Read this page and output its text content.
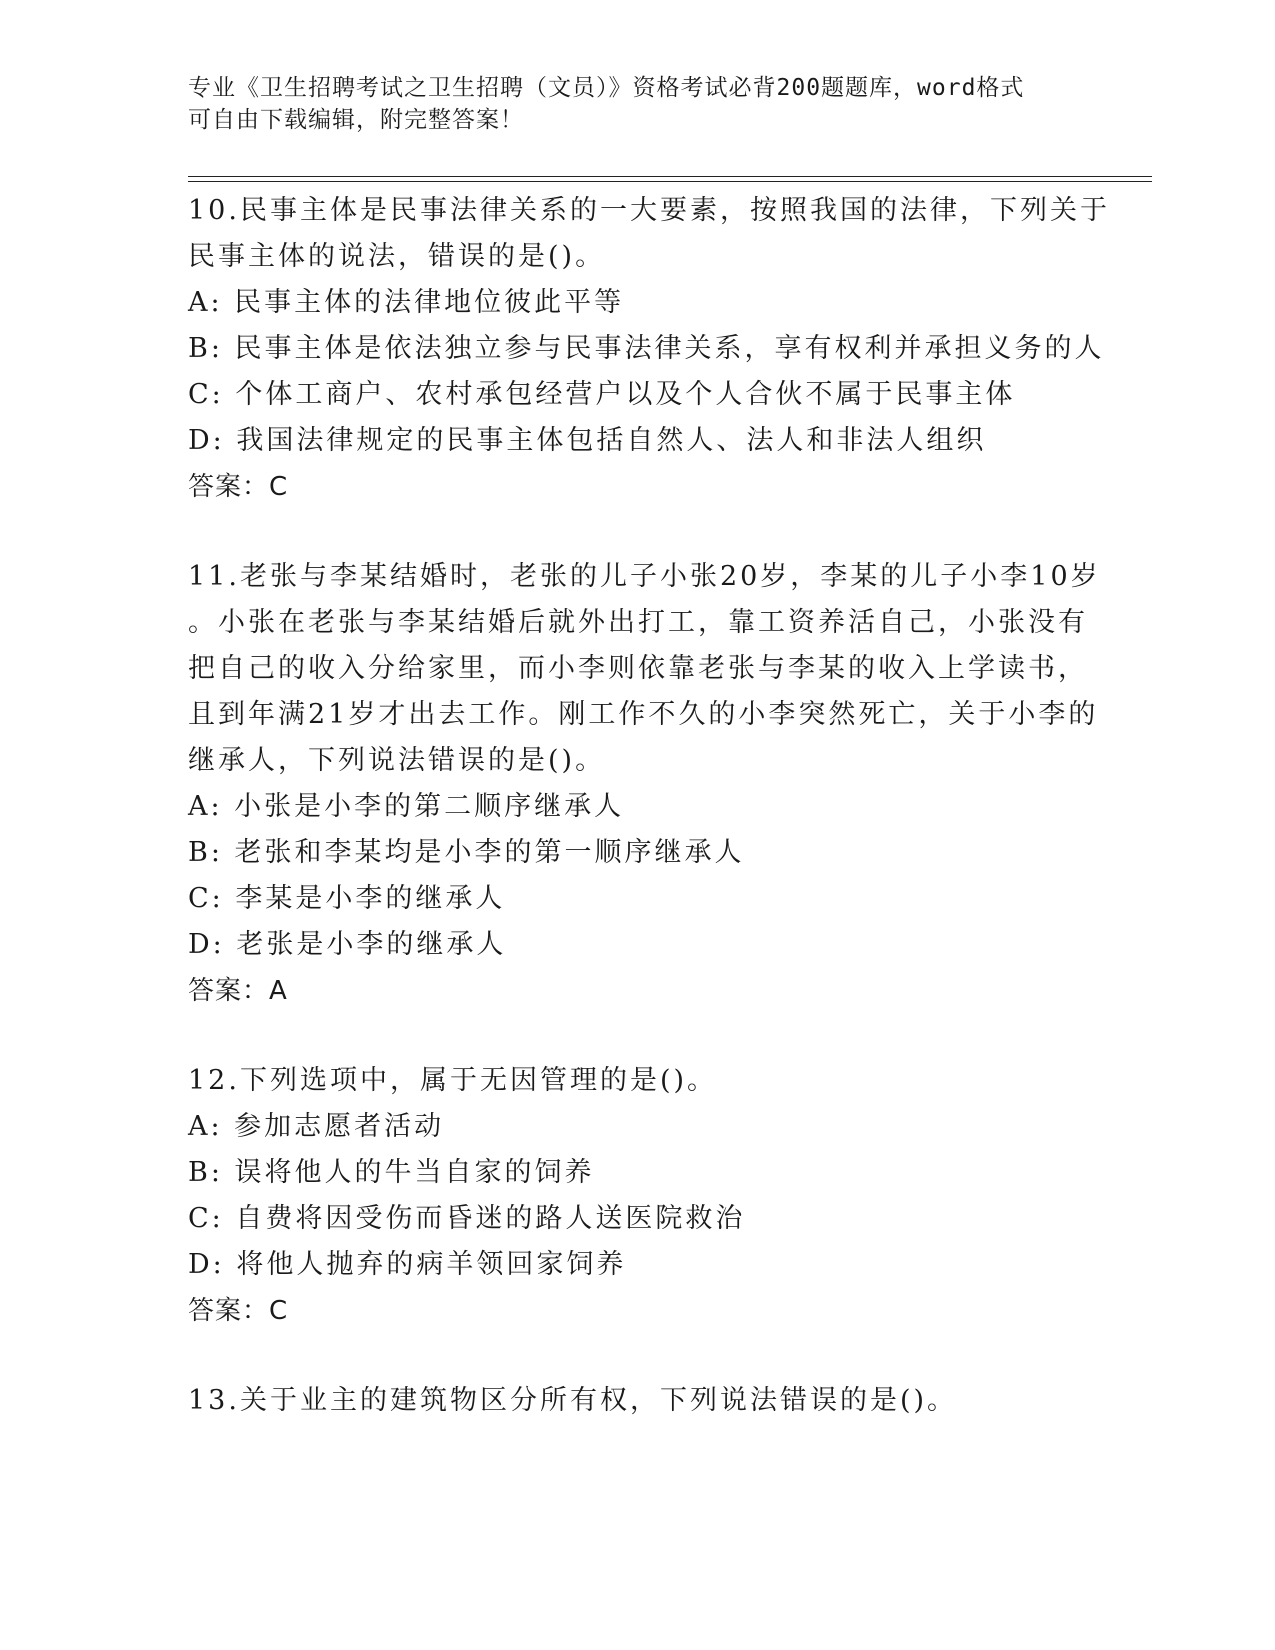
专业《卫生招聘考试之卫生招聘（文员）》资格考试必背200题题库，word格式
可自由下载编辑，附完整答案！
10.民事主体是民事法律关系的一大要素，按照我国的法律，下列关于
民事主体的说法，错误的是()。
A: 民事主体的法律地位彼此平等
B: 民事主体是依法独立参与民事法律关系，享有权利并承担义务的人
C: 个体工商户、农村承包经营户以及个人合伙不属于民事主体
D: 我国法律规定的民事主体包括自然人、法人和非法人组织
答案：C
11.老张与李某结婚时，老张的儿子小张20岁，李某的儿子小李10岁
。小张在老张与李某结婚后就外出打工，靠工资养活自己，小张没有
把自己的收入分给家里，而小李则依靠老张与李某的收入上学读书，
且到年满21岁才出去工作。刚工作不久的小李突然死亡，关于小李的
继承人，下列说法错误的是()。
A: 小张是小李的第二顺序继承人
B: 老张和李某均是小李的第一顺序继承人
C: 李某是小李的继承人
D: 老张是小李的继承人
答案：A
12.下列选项中，属于无因管理的是()。
A: 参加志愿者活动
B: 误将他人的牛当自家的饲养
C: 自费将因受伤而昏迷的路人送医院救治
D: 将他人抛弃的病羊领回家饲养
答案：C
13.关于业主的建筑物区分所有权，下列说法错误的是()。
